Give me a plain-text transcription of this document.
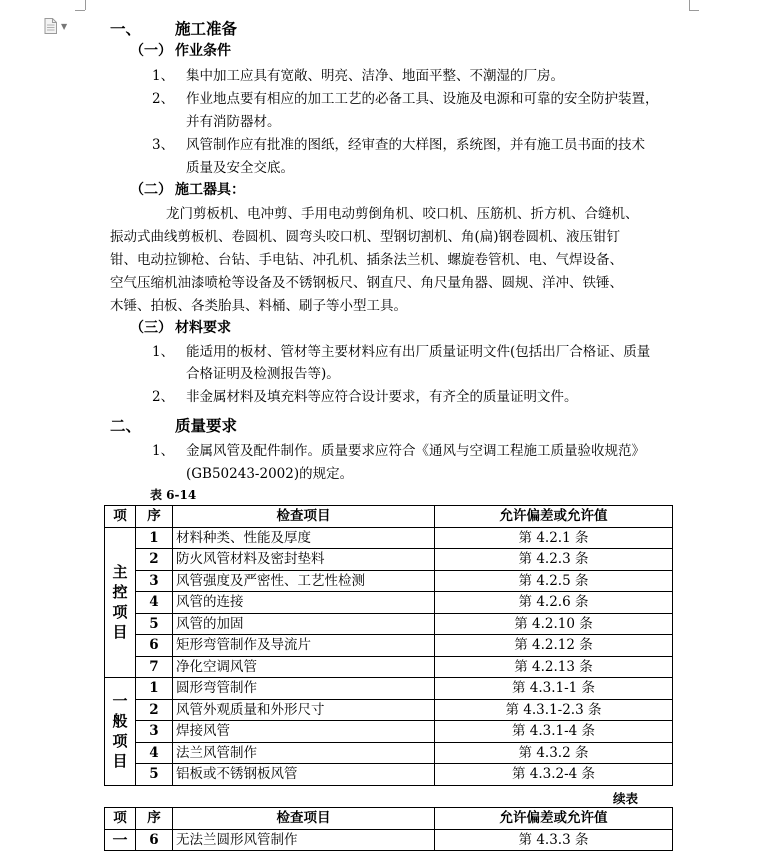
▼	一、 施工准备
（一） 作业条件
1、 集中加工应具有宽敞、明亮、洁净、地面平整、不潮湿的厂房。
2、 作业地点要有相应的加工工艺的必备工具、设施及电源和可靠的安全防护装置，
并有消防器材。
3、 风管制作应有批准的图纸，经审查的大样图，系统图，并有施工员书面的技术
质量及安全交底。
（二） 施工器具：
龙门剪板机、电冲剪、手用电动剪倒角机、咬口机、压筋机、折方机、合缝机、
振动式曲线剪板机、卷圆机、圆弯头咬口机、型钢切割机、角(扁)钢卷圆机、液压钳钉
钳、电动拉铆枪、台钻、手电钻、冲孔机、插条法兰机、螺旋卷管机、电、气焊设备、
空气压缩机油漆喷枪等设备及不锈钢板尺、钢直尺、角尺量角器、圆规、洋冲、铁锤、
木锤、拍板、各类胎具、料桶、刷子等小型工具。
（三） 材料要求
1、 能适用的板材、管材等主要材料应有出厂质量证明文件(包括出厂合格证、质量
合格证明及检测报告等)。
2、 非金属材料及填充料等应符合设计要求，有齐全的质量证明文件。
二、 质量要求
1、 金属风管及配件制作。质量要求应符合《通风与空调工程施工质量验收规范》
(GB50243-2002)的规定。
表 6-14
项	序	检查项目	允许偏差或允许值
主
控
项
目	1	材料种类、性能及厚度	第 4.2.1 条
	2	防火风管材料及密封垫料	第 4.2.3 条
	3	风管强度及严密性、工艺性检测	第 4.2.5 条
	4	风管的连接	第 4.2.6 条
	5	风管的加固	第 4.2.10 条
	6	矩形弯管制作及导流片	第 4.2.12 条
	7	净化空调风管	第 4.2.13 条
一
般
项
目	1	圆形弯管制作	第 4.3.1-1 条
	2	风管外观质量和外形尺寸	第 4.3.1-2.3 条
	3	焊接风管	第 4.3.1-4 条
	4	法兰风管制作	第 4.3.2 条
	5	铝板或不锈钢板风管	第 4.3.2-4 条
续表
项	序	检查项目	允许偏差或允许值
一	6	无法兰圆形风管制作	第 4.3.3 条
